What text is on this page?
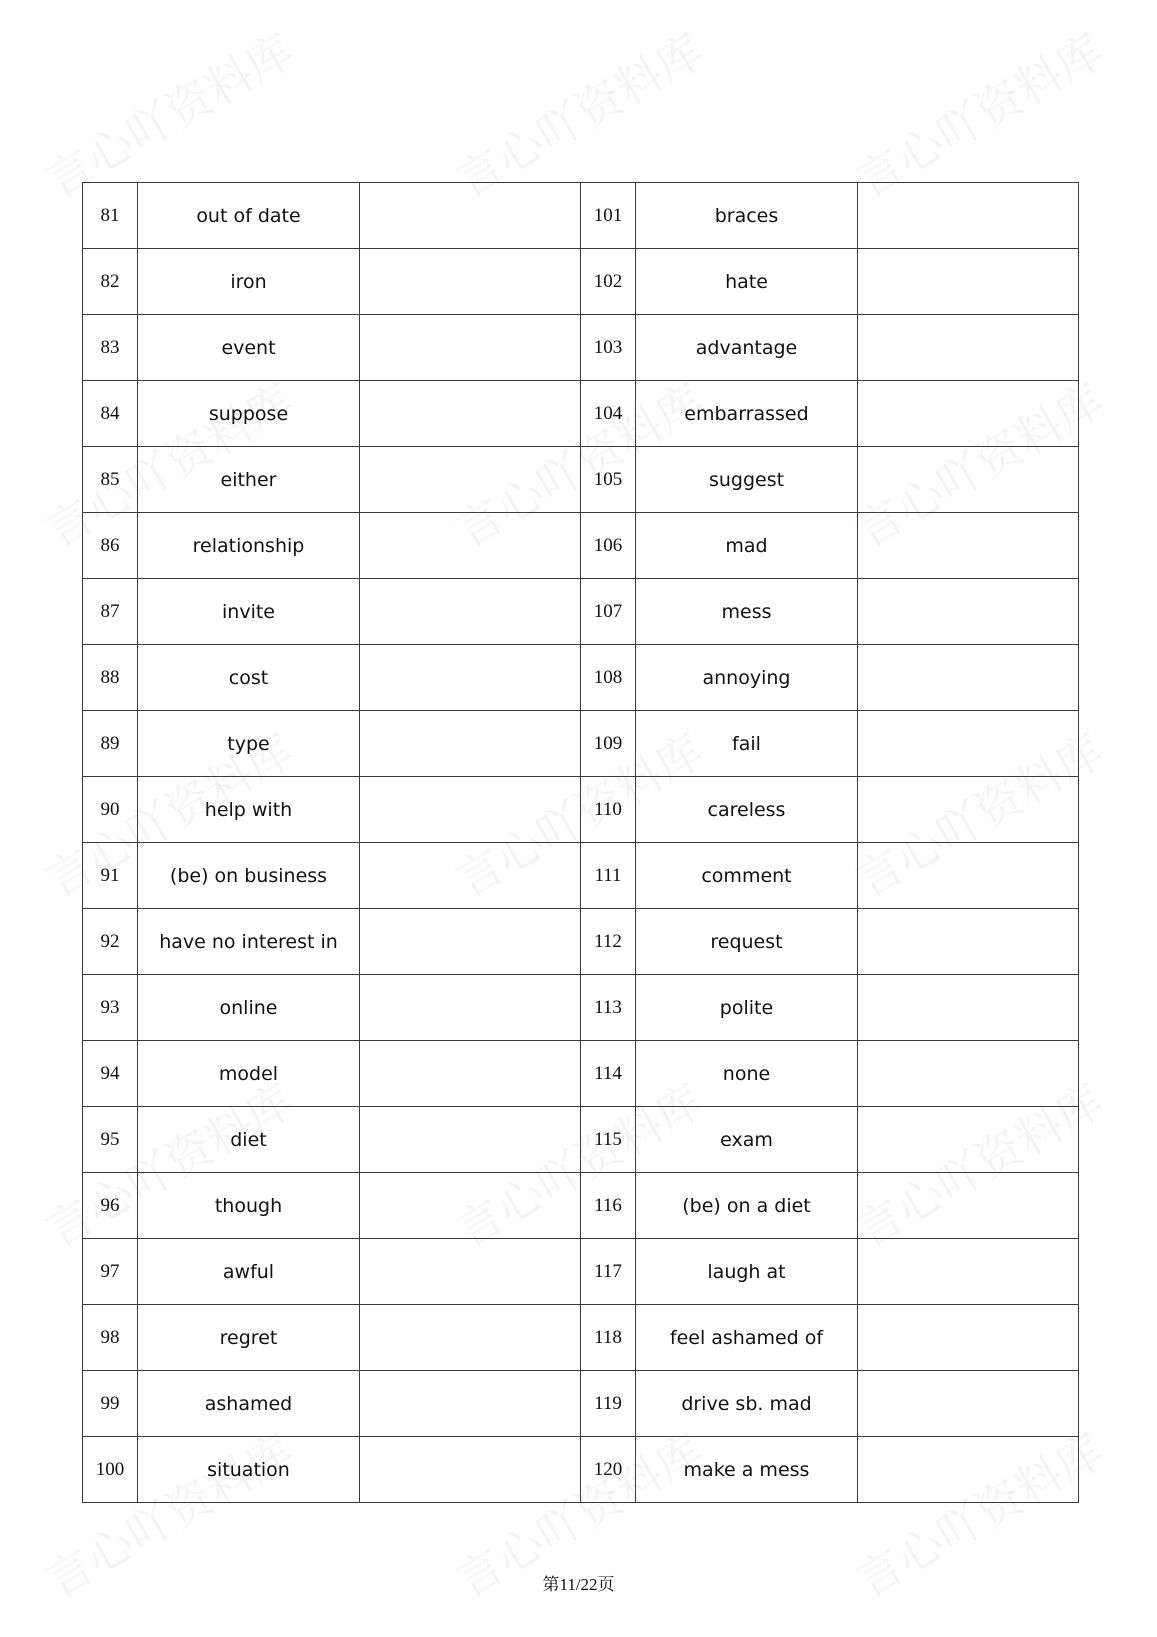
81	out of date		101	braces	
82	iron		102	hate	
83	event		103	advantage	
84	suppose		104	embarrassed	
85	either		105	suggest	
86	relationship		106	mad	
87	invite		107	mess	
88	cost		108	annoying	
89	type		109	fail	
90	help with		110	careless	
91	(be) on business		111	comment	
92	have no interest in		112	request	
93	online		113	polite	
94	model		114	none	
95	diet		115	exam	
96	though		116	(be) on a diet	
97	awful		117	laugh at	
98	regret		118	feel ashamed of	
99	ashamed		119	drive sb. mad	
100	situation		120	make a mess	
第11/22页
